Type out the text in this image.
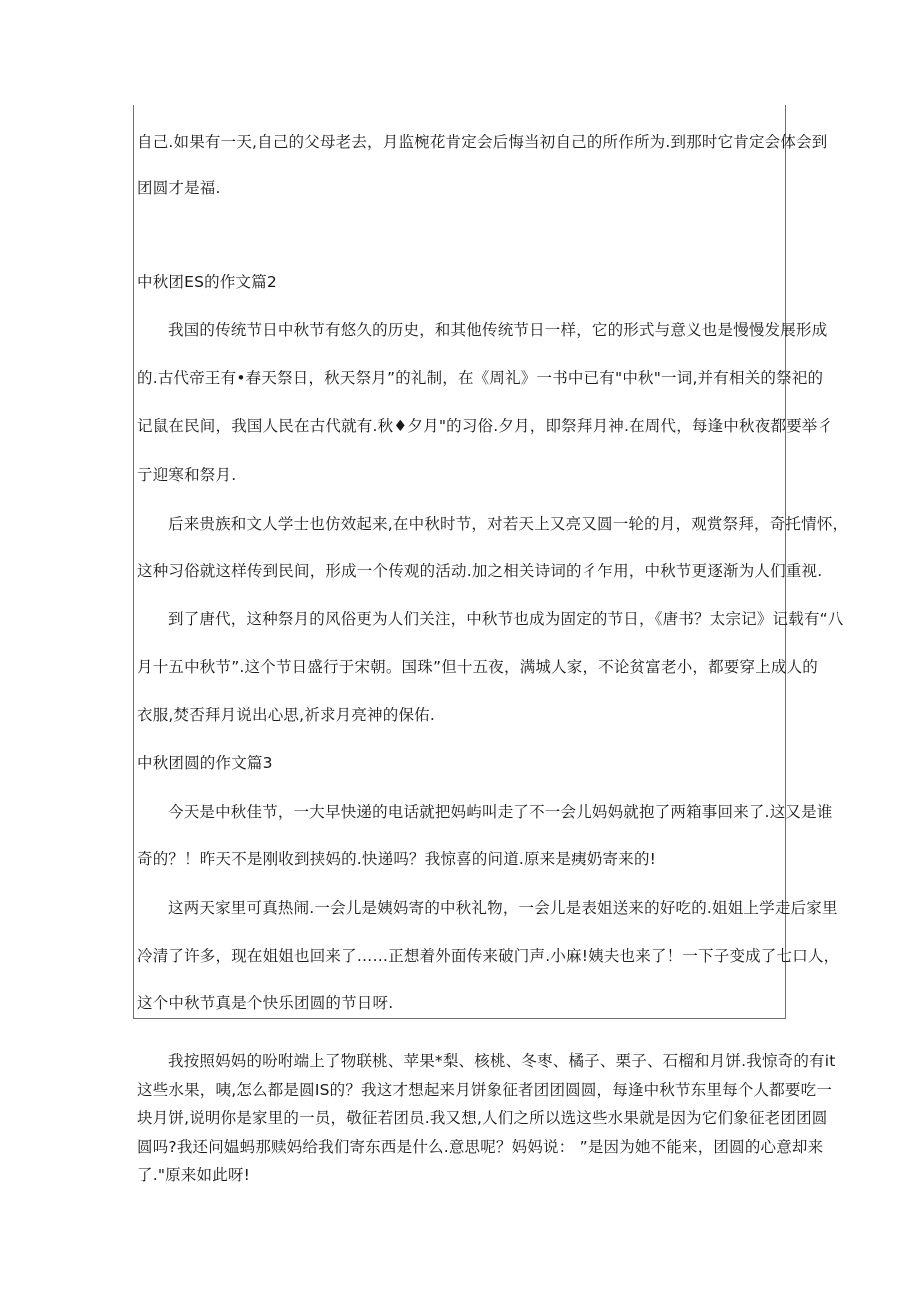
自己.如果有一天,自己的父母老去，月监椀花肯定会后悔当初自己的所作所为.到那时它肯定会体会到
团圆才是福.
中秋团ES的作文篇2
我国的传统节日中秋节有悠久的历史，和其他传统节日一样，它的形式与意义也是慢慢发展形成
的.古代帝王有•春天祭日，秋天祭月”的礼制，在《周礼》一书中已有"中秋"一词,并有相关的祭祀的
记鼠在民间，我国人民在古代就有.秋♦夕月"的习俗.夕月，即祭拜月神.在周代，每逢中秋夜都要举彳
亍迎寒和祭月.
后来贵族和文人学士也仿效起来,在中秋时节，对若天上又亮又圆一轮的月，观赏祭拜，奇托情怀，
这种习俗就这样传到民间，形成一个传观的活动.加之相关诗词的彳乍用，中秋节更逐渐为人们重视.
到了唐代，这种祭月的风俗更为人们关注，中秋节也成为固定的节日，《唐书？太宗记》记载有“八
月十五中秋节”.这个节日盛行于宋朝。国珠”但十五夜，满城人家，不论贫富老小，都要穿上成人的
衣服,焚否拜月说出心思,祈求月亮神的保佑.
中秋团圆的作文篇3
今天是中秋佳节，一大早快递的电话就把妈屿叫走了不一会儿妈妈就抱了两箱事回来了.这又是谁
奇的？！昨天不是刚收到挟妈的.快递吗？我惊喜的问道.原来是痍奶寄来的!
这两天家里可真热闹.一会儿是姨妈寄的中秋礼物，一会儿是表姐送来的好吃的.姐姐上学走后家里
冷清了许多，现在姐姐也回来了……正想着外面传来破门声.小麻!姨夫也来了！一下子变成了七口人，
这个中秋节真是个快乐团圆的节日呀.
我按照妈妈的吩咐端上了物联桃、苹果*梨、核桃、冬枣、橘子、栗子、石榴和月饼.我惊奇的有it
这些水果，咦,怎么都是圆IS的？我这才想起来月饼象征者团团圆圆，每逢中秋节东里每个人都要吃一
块月饼,说明你是家里的一员，敬征若团员.我又想,人们之所以选这些水果就是因为它们象征老团团圆
圆吗?我还问媪蚂那赎妈给我们寄东西是什么.意思呢？妈妈说： ”是因为她不能来，团圆的心意却来
了."原来如此呀!
